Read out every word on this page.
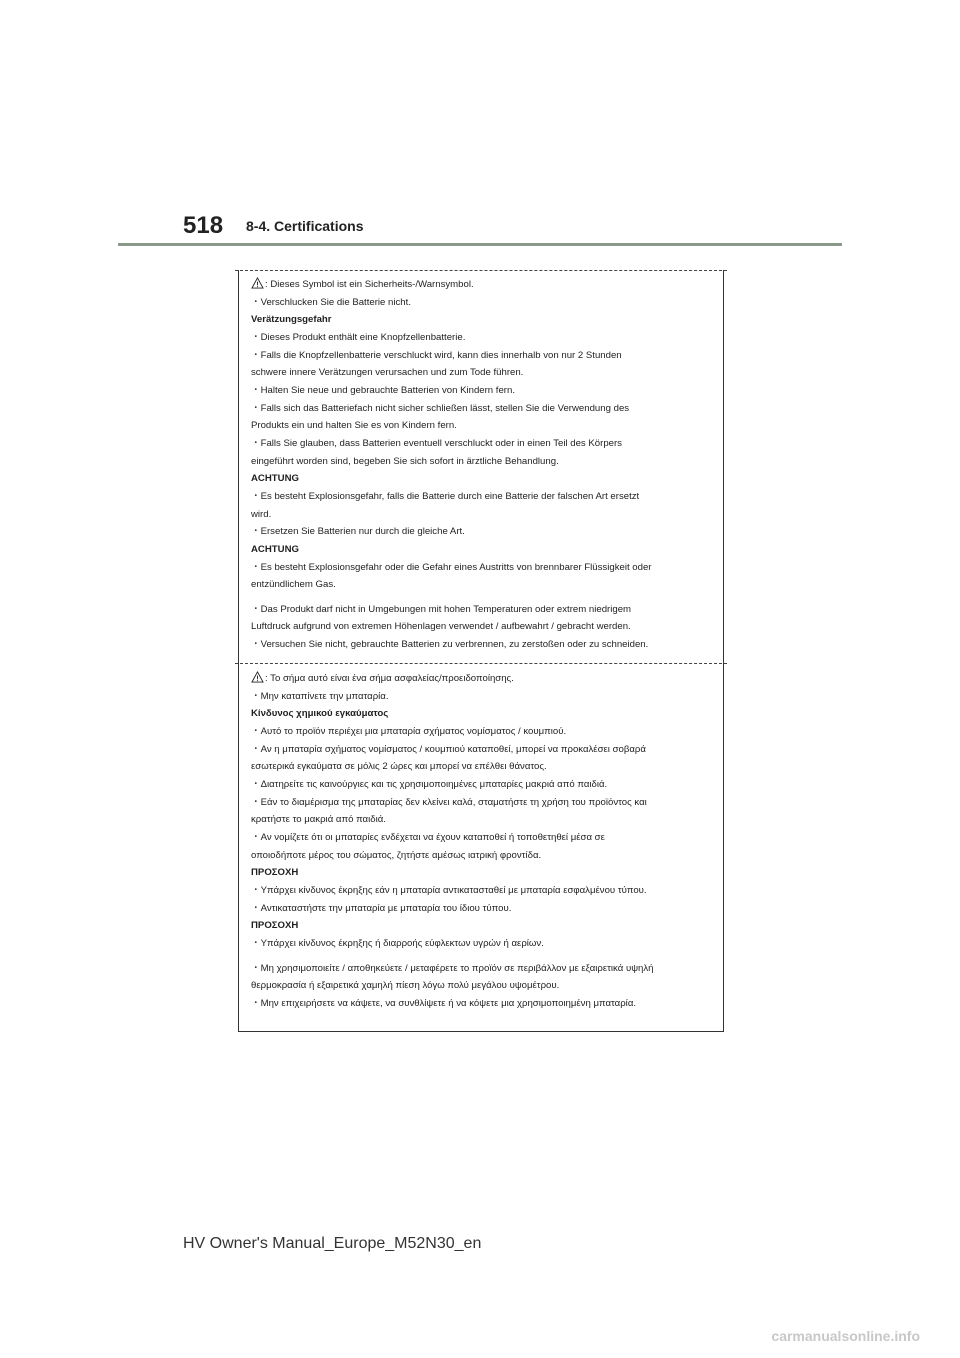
518 8-4. Certifications
: Dieses Symbol ist ein Sicherheits-/Warnsymbol.
・Verschlucken Sie die Batterie nicht.
Verätzungsgefahr
・Dieses Produkt enthält eine Knopfzellenbatterie.
・Falls die Knopfzellenbatterie verschluckt wird, kann dies innerhalb von nur 2 Stunden
schwere innere Verätzungen verursachen und zum Tode führen.
・Halten Sie neue und gebrauchte Batterien von Kindern fern.
・Falls sich das Batteriefach nicht sicher schließen lässt, stellen Sie die Verwendung des
Produkts ein und halten Sie es von Kindern fern.
・Falls Sie glauben, dass Batterien eventuell verschluckt oder in einen Teil des Körpers
eingeführt worden sind, begeben Sie sich sofort in ärztliche Behandlung.
ACHTUNG
・Es besteht Explosionsgefahr, falls die Batterie durch eine Batterie der falschen Art ersetzt
wird.
・Ersetzen Sie Batterien nur durch die gleiche Art.
ACHTUNG
・Es besteht Explosionsgefahr oder die Gefahr eines Austritts von brennbarer Flüssigkeit oder
entzündlichem Gas.
・Das Produkt darf nicht in Umgebungen mit hohen Temperaturen oder extrem niedrigem
Luftdruck aufgrund von extremen Höhenlagen verwendet / aufbewahrt / gebracht werden.
・Versuchen Sie nicht, gebrauchte Batterien zu verbrennen, zu zerstoßen oder zu schneiden.
: Το σήμα αυτό είναι ένα σήμα ασφαλείας/προειδοποίησης.
・Μην καταπίνετε την μπαταρία.
Κίνδυνος χημικού εγκαύματος
・Αυτό το προϊόν περιέχει μια μπαταρία σχήματος νομίσματος / κουμπιού.
・Αν η μπαταρία σχήματος νομίσματος / κουμπιού καταποθεί, μπορεί να προκαλέσει σοβαρά
εσωτερικά εγκαύματα σε μόλις 2 ώρες και μπορεί να επέλθει θάνατος.
・Διατηρείτε τις καινούργιες και τις χρησιμοποιημένες μπαταρίες μακριά από παιδιά.
・Εάν το διαμέρισμα της μπαταρίας δεν κλείνει καλά, σταματήστε τη χρήση του προϊόντος και
κρατήστε το μακριά από παιδιά.
・Αν νομίζετε ότι οι μπαταρίες ενδέχεται να έχουν καταποθεί ή τοποθετηθεί μέσα σε
οποιοδήποτε μέρος του σώματος, ζητήστε αμέσως ιατρική φροντίδα.
ΠΡΟΣΟΧΗ
・Υπάρχει κίνδυνος έκρηξης εάν η μπαταρία αντικατασταθεί με μπαταρία εσφαλμένου τύπου.
・Αντικαταστήστε την μπαταρία με μπαταρία του ίδιου τύπου.
ΠΡΟΣΟΧΗ
・Υπάρχει κίνδυνος έκρηξης ή διαρροής εύφλεκτων υγρών ή αερίων.
・Μη χρησιμοποιείτε / αποθηκεύετε / μεταφέρετε το προϊόν σε περιβάλλον με εξαιρετικά υψηλή
θερμοκρασία ή εξαιρετικά χαμηλή πίεση λόγω πολύ μεγάλου υψομέτρου.
・Μην επιχειρήσετε να κάψετε, να συνθλίψετε ή να κόψετε μια χρησιμοποιημένη μπαταρία.
HV Owner's Manual_Europe_M52N30_en
carmanualsonline.info
